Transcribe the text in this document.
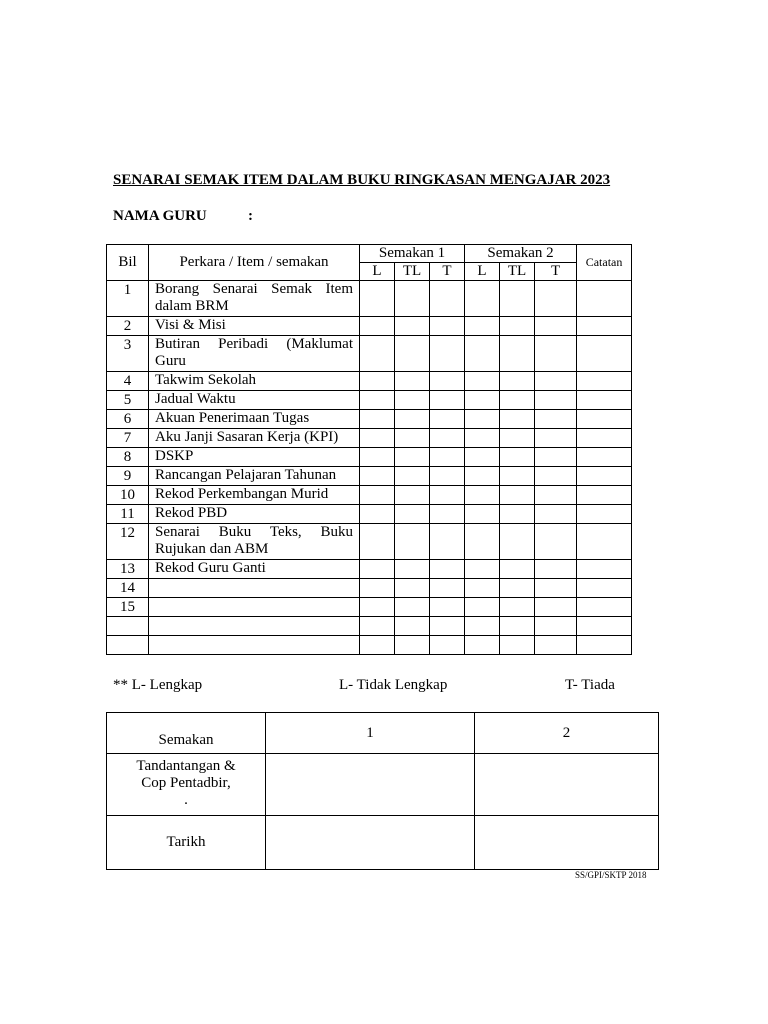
SENARAI SEMAK ITEM DALAM BUKU RINGKASAN MENGAJAR 2023
NAMA GURU	:
Bil	Perkara / Item / semakan	Semakan 1			Semakan 2			Catatan
		L	TL	T	L	TL	T	
1	Borang Senarai Semak Item dalam BRM							
2	Visi & Misi							
3	Butiran Peribadi (Maklumat Guru							
4	Takwim Sekolah							
5	Jadual Waktu							
6	Akuan Penerimaan Tugas							
7	Aku Janji Sasaran Kerja (KPI)							
8	DSKP							
9	Rancangan Pelajaran Tahunan							
10	Rekod Perkembangan Murid							
11	Rekod PBD							
12	Senarai Buku Teks, Buku Rujukan dan ABM							
13	Rekod Guru Ganti							
14								
15								

** L- Lengkap	L- Tidak Lengkap	T- Tiada
Semakan	1	2

Tandantangan &
Cop Pentadbir,
.		

Tarikh		
SS/GPI/SKTP 2018
